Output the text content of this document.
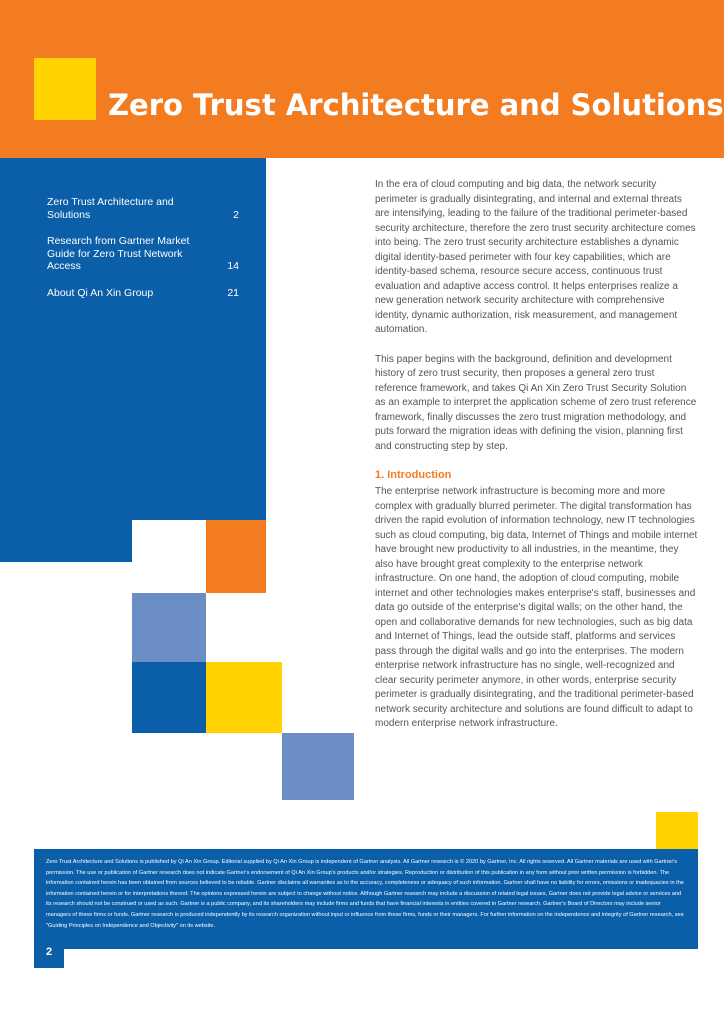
Zero Trust Architecture and Solutions
Zero Trust Architecture and Solutions	2
Research from Gartner Market Guide for Zero Trust Network Access	14
About Qi An Xin Group	21

In the era of cloud computing and big data, the network security perimeter is gradually disintegrating, and internal and external threats are intensifying, leading to the failure of the traditional perimeter-based security architecture, therefore the zero trust security architecture comes into being. The zero trust security architecture establishes a dynamic digital identity-based perimeter with four key capabilities, which are identity-based schema, resource secure access, continuous trust evaluation and adaptive access control. It helps enterprises realize a new generation network security architecture with comprehensive identity, dynamic authorization, risk measurement, and management automation.

This paper begins with the background, definition and development history of zero trust security, then proposes a general zero trust reference framework, and takes Qi An Xin Zero Trust Security Solution as an example to interpret the application scheme of zero trust reference framework, finally discusses the zero trust migration methodology, and puts forward the migration ideas with defining the vision, planning first and constructing step by step.

1. Introduction

The enterprise network infrastructure is becoming more and more complex with gradually blurred perimeter. The digital transformation has driven the rapid evolution of information technology, new IT technologies such as cloud computing, big data, Internet of Things and mobile internet have brought new productivity to all industries, in the meantime, they also have brought great complexity to the enterprise network infrastructure. On one hand, the adoption of cloud computing, mobile internet and other technologies makes enterprise's staff, businesses and data go outside of the enterprise's digital walls; on the other hand, the open and collaborative demands for new technologies, such as big data and Internet of Things, lead the outside staff, platforms and services pass through the digital walls and go into the enterprises. The modern enterprise network infrastructure has no single, well-recognized and clear security perimeter anymore, in other words, enterprise security perimeter is gradually disintegrating, and the traditional perimeter-based network security architecture and solutions are found difficult to adapt to modern enterprise network infrastructure.

Zero Trust Architecture and Solutions is published by Qi An Xin Group. Editorial supplied by Qi An Xin Group is independent of Gartner analysis. All Gartner research is © 2020 by Gartner, Inc. All rights reserved. All Gartner materials are used with Gartner's permission. The use or publication of Gartner research does not indicate Gartner's endorsement of Qi An Xin Group's products and/or strategies. Reproduction or distribution of this publication in any form without prior written permission is forbidden. The information contained herein has been obtained from sources believed to be reliable. Gartner disclaims all warranties as to the accuracy, completeness or adequacy of such information. Gartner shall have no liability for errors, omissions or inadequacies in the information contained herein or for interpretations thereof. The opinions expressed herein are subject to change without notice. Although Gartner research may include a discussion of related legal issues, Gartner does not provide legal advice or services and its research should not be construed or used as such. Gartner is a public company, and its shareholders may include firms and funds that have financial interests in entities covered in Gartner research. Gartner's Board of Directors may include senior managers of these firms or funds. Gartner research is produced independently by its research organization without input or influence from these firms, funds or their managers. For further information on the independence and integrity of Gartner research, see "Guiding Principles on Independence and Objectivity" on its website.
2
